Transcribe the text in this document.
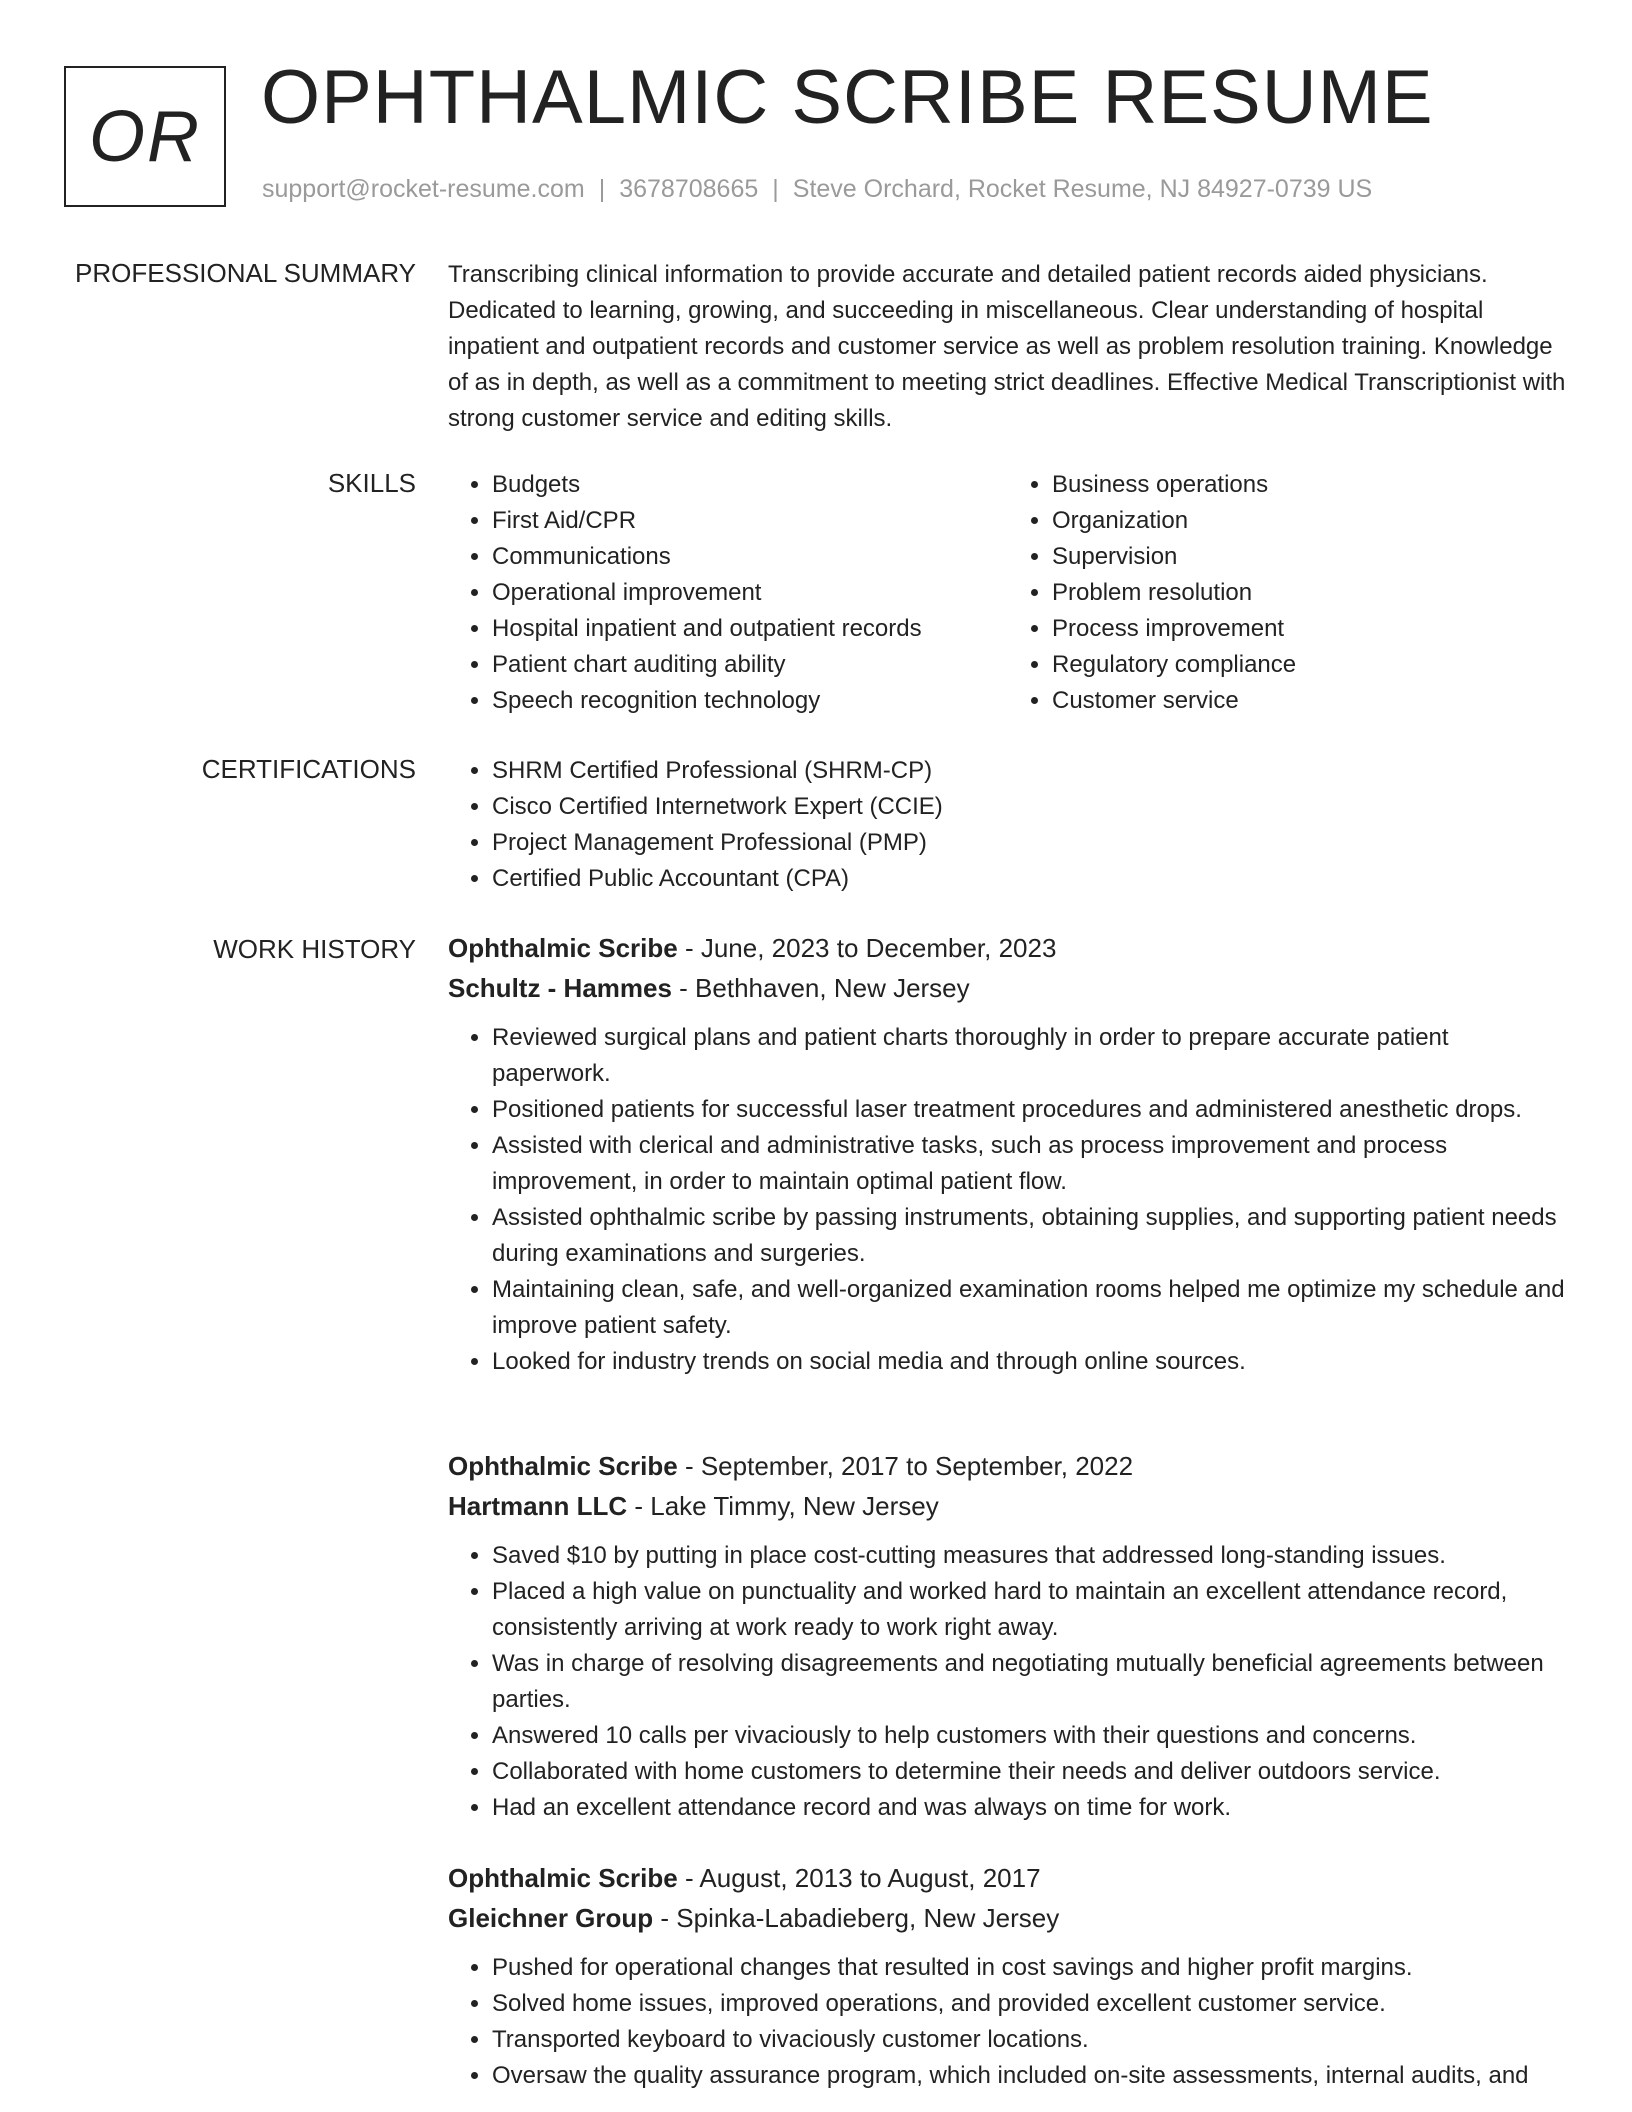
OR OPHTHALMIC SCRIBE RESUME
support@rocket-resume.com | 3678708665 | Steve Orchard, Rocket Resume, NJ 84927-0739 US
PROFESSIONAL SUMMARY Transcribing clinical information to provide accurate and detailed patient records aided physicians. Dedicated to learning, growing, and succeeding in miscellaneous. Clear understanding of hospital inpatient and outpatient records and customer service as well as problem resolution training. Knowledge of as in depth, as well as a commitment to meeting strict deadlines. Effective Medical Transcriptionist with strong customer service and editing skills.

SKILLS	• Budgets
• First Aid/CPR
• Communications
• Operational improvement
• Hospital inpatient and outpatient records
• Patient chart auditing ability
• Speech recognition technology
• Business operations
• Organization
• Supervision
• Problem resolution
• Process improvement
• Regulatory compliance
• Customer service
CERTIFICATIONS	• SHRM Certified Professional (SHRM-CP)
• Cisco Certified Internetwork Expert (CCIE)
• Project Management Professional (PMP)
• Certified Public Accountant (CPA)
WORK HISTORY Ophthalmic Scribe - June, 2023 to December, 2023
Schultz - Hammes - Bethhaven, New Jersey
• Reviewed surgical plans and patient charts thoroughly in order to prepare accurate patient paperwork.
• Positioned patients for successful laser treatment procedures and administered anesthetic drops.
• Assisted with clerical and administrative tasks, such as process improvement and process improvement, in order to maintain optimal patient flow.
• Assisted ophthalmic scribe by passing instruments, obtaining supplies, and supporting patient needs during examinations and surgeries.
• Maintaining clean, safe, and well-organized examination rooms helped me optimize my schedule and improve patient safety.
• Looked for industry trends on social media and through online sources.
Ophthalmic Scribe - September, 2017 to September, 2022
Hartmann LLC - Lake Timmy, New Jersey
• Saved $10 by putting in place cost-cutting measures that addressed long-standing issues.
• Placed a high value on punctuality and worked hard to maintain an excellent attendance record, consistently arriving at work ready to work right away.
• Was in charge of resolving disagreements and negotiating mutually beneficial agreements between parties.
• Answered 10 calls per vivaciously to help customers with their questions and concerns.
• Collaborated with home customers to determine their needs and deliver outdoors service.
• Had an excellent attendance record and was always on time for work.
Ophthalmic Scribe - August, 2013 to August, 2017
Gleichner Group - Spinka-Labadieberg, New Jersey
• Pushed for operational changes that resulted in cost savings and higher profit margins.
• Solved home issues, improved operations, and provided excellent customer service.
• Transported keyboard to vivaciously customer locations.
• Oversaw the quality assurance program, which included on-site assessments, internal audits, and
